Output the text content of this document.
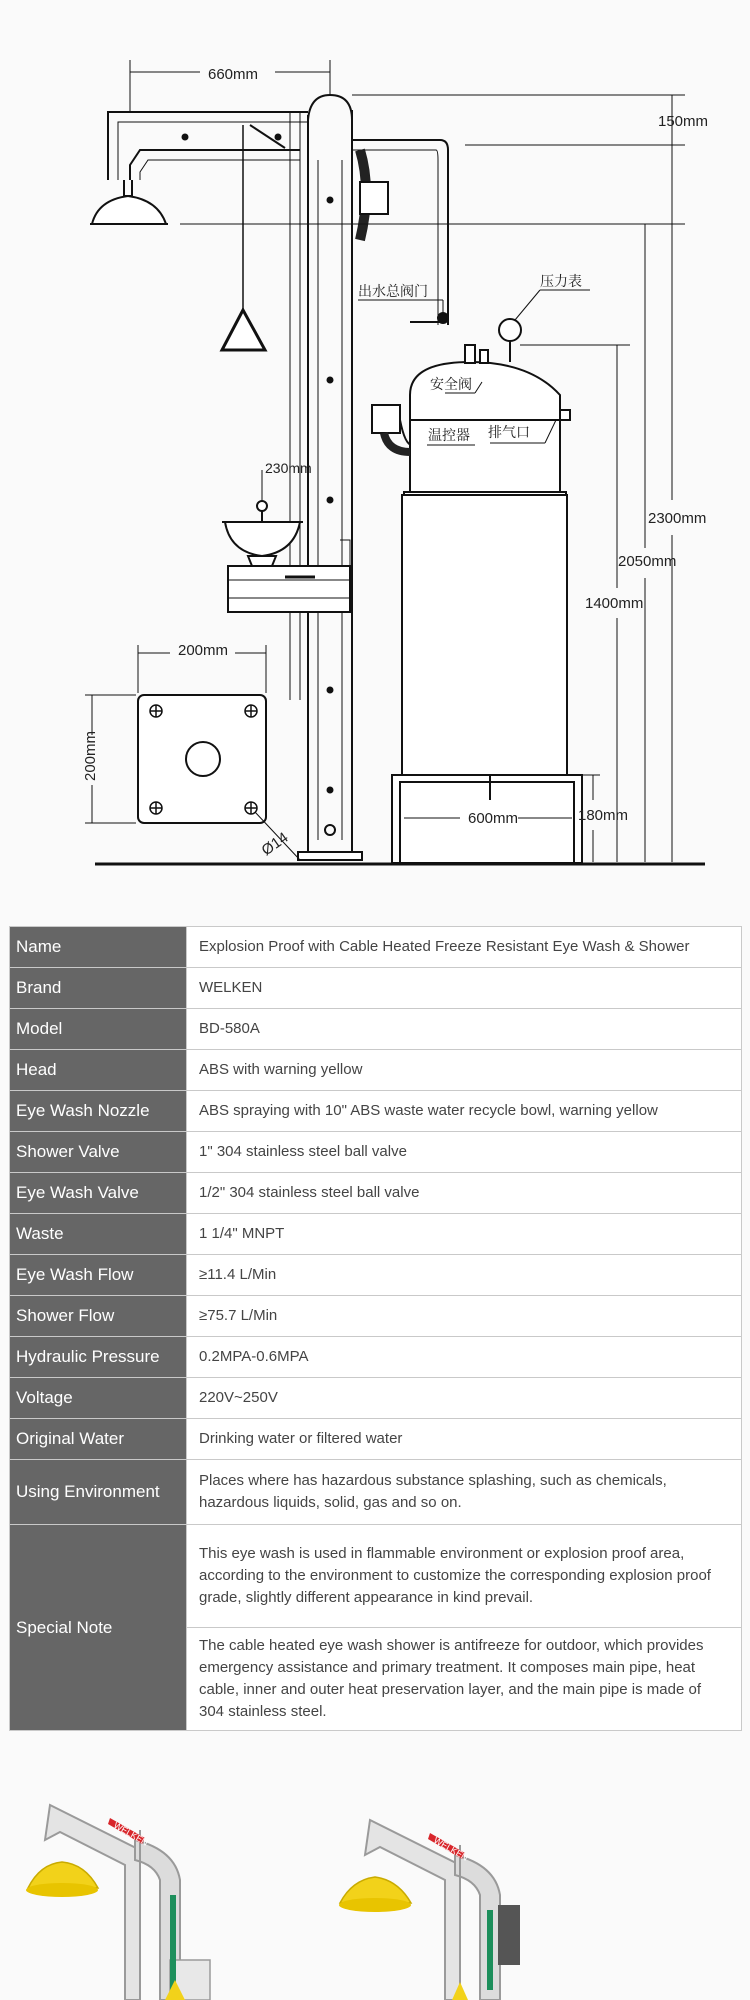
660mm
150mm
2300mm
2050mm
1400mm
180mm
600mm
230mm
200mm
200mm
Ø14
出水总阀门
压力表
安全阀
温控器 排气口
Name	Explosion Proof with Cable Heated Freeze Resistant Eye Wash & Shower
Brand	WELKEN
Model	BD-580A
Head	ABS with warning yellow
Eye Wash Nozzle	ABS spraying with 10" ABS waste water recycle bowl, warning yellow
Shower Valve	1" 304 stainless steel ball valve
Eye Wash Valve	1/2" 304 stainless steel ball valve
Waste	1 1/4" MNPT
Eye Wash Flow	≥11.4 L/Min
Shower Flow	≥75.7 L/Min
Hydraulic Pressure	0.2MPA-0.6MPA
Voltage	220V~250V
Original Water	Drinking water or filtered water
Using Environment	Places where has hazardous substance splashing, such as chemicals, hazardous liquids, solid, gas and so on.
Special Note	This eye wash is used in flammable environment or explosion proof area, according to the environment to customize the corresponding explosion proof grade, slightly different appearance in kind prevail.
	The cable heated eye wash shower is antifreeze for outdoor, which provides emergency assistance and primary treatment. It composes main pipe, heat cable, inner and outer heat preservation layer, and the main pipe is made of 304 stainless steel.
WELKEN
WELKEN
